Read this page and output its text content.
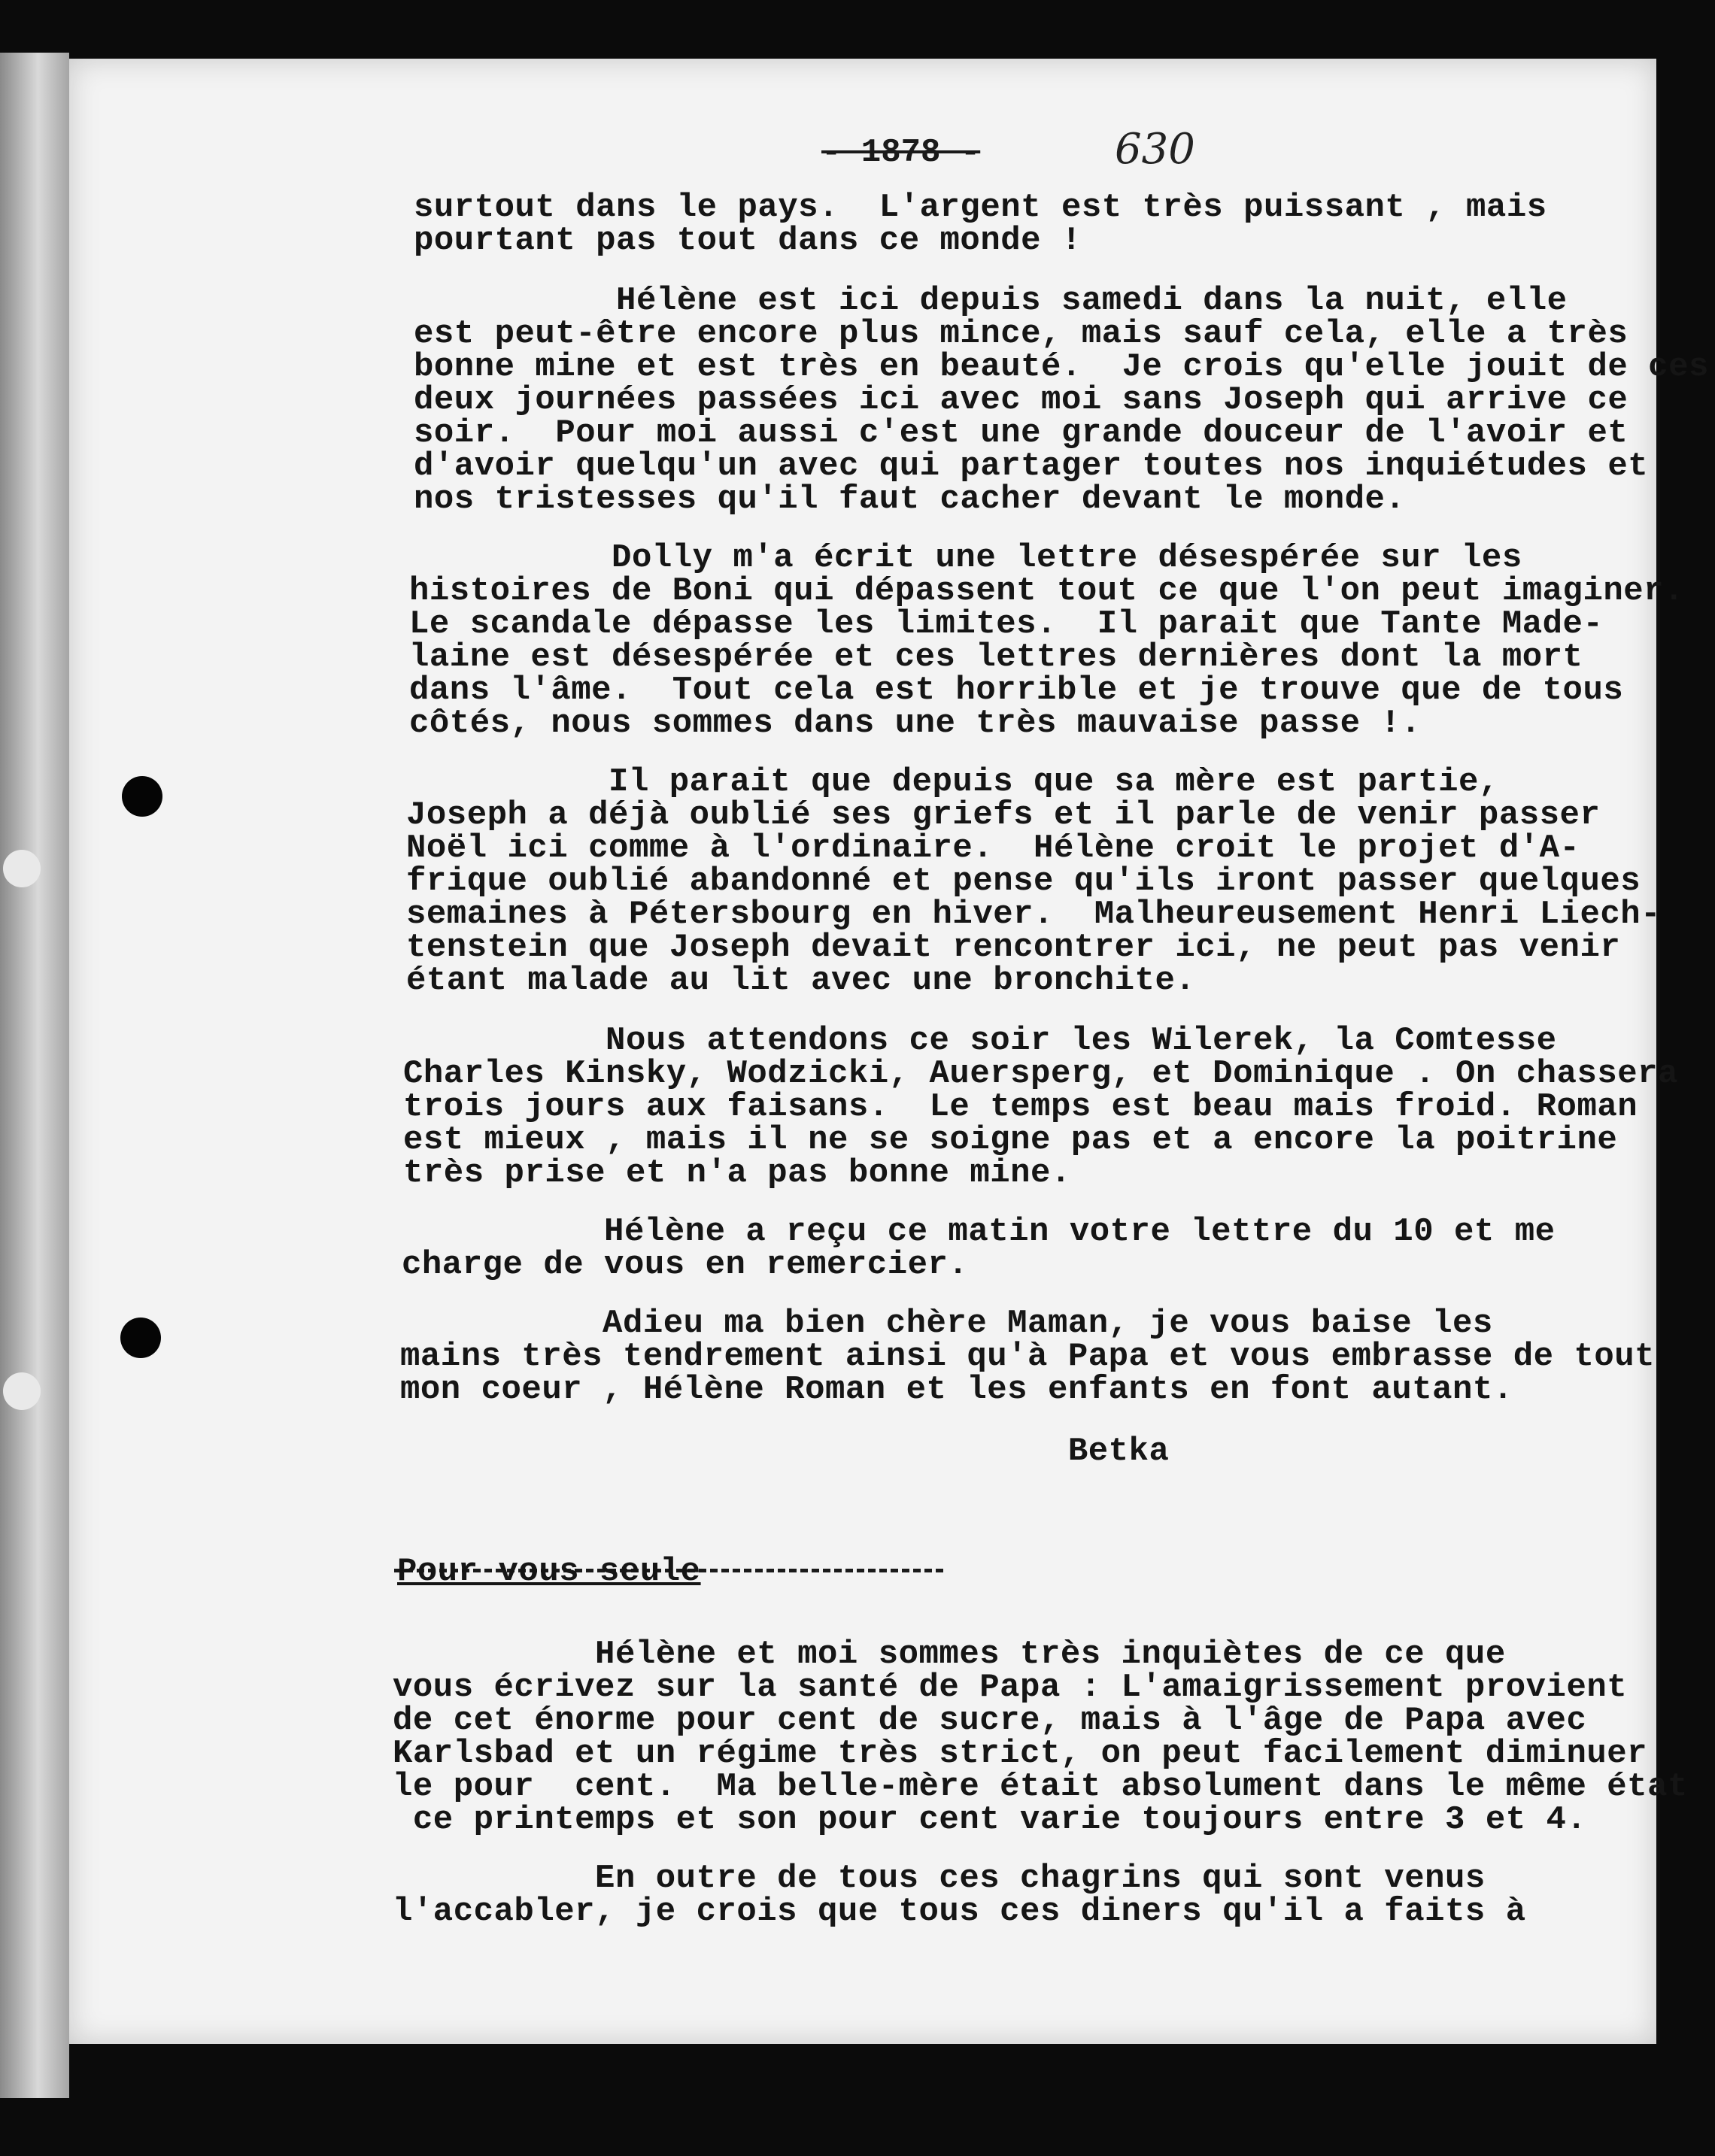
- 1878 -	630
surtout dans le pays.  L'argent est très puissant , mais
pourtant pas tout dans ce monde !
Hélène est ici depuis samedi dans la nuit, elle
est peut-être encore plus mince, mais sauf cela, elle a très
bonne mine et est très en beauté.  Je crois qu'elle jouit de ces
deux journées passées ici avec moi sans Joseph qui arrive ce
soir.  Pour moi aussi c'est une grande douceur de l'avoir et
d'avoir quelqu'un avec qui partager toutes nos inquiétudes et
nos tristesses qu'il faut cacher devant le monde.
Dolly m'a écrit une lettre désespérée sur les
histoires de Boni qui dépassent tout ce que l'on peut imaginer.
Le scandale dépasse les limites.  Il parait que Tante Made-
laine est désespérée et ces lettres dernières dont la mort
dans l'âme.  Tout cela est horrible et je trouve que de tous
côtés, nous sommes dans une très mauvaise passe !.
Il parait que depuis que sa mère est partie,
Joseph a déjà oublié ses griefs et il parle de venir passer
Noël ici comme à l'ordinaire.  Hélène croit le projet d'A-
frique oublié abandonné et pense qu'ils iront passer quelques
semaines à Pétersbourg en hiver.  Malheureusement Henri Liech-
tenstein que Joseph devait rencontrer ici, ne peut pas venir
étant malade au lit avec une bronchite.
Nous attendons ce soir les Wilerek, la Comtesse
Charles Kinsky, Wodzicki, Auersperg, et Dominique . On chassera
trois jours aux faisans.  Le temps est beau mais froid. Roman
est mieux , mais il ne se soigne pas et a encore la poitrine
très prise et n'a pas bonne mine.
Hélène a reçu ce matin votre lettre du 10 et me
charge de vous en remercier.
Adieu ma bien chère Maman, je vous baise les
mains très tendrement ainsi qu'à Papa et vous embrasse de tout
mon coeur , Hélène Roman et les enfants en font autant.
Betka
Pour vous seule
Hélène et moi sommes très inquiètes de ce que
vous écrivez sur la santé de Papa : L'amaigrissement provient
de cet énorme pour cent de sucre, mais à l'âge de Papa avec
Karlsbad et un régime très strict, on peut facilement diminuer
le pour  cent.  Ma belle-mère était absolument dans le même état
ce printemps et son pour cent varie toujours entre 3 et 4.
En outre de tous ces chagrins qui sont venus
l'accabler, je crois que tous ces diners qu'il a faits à
